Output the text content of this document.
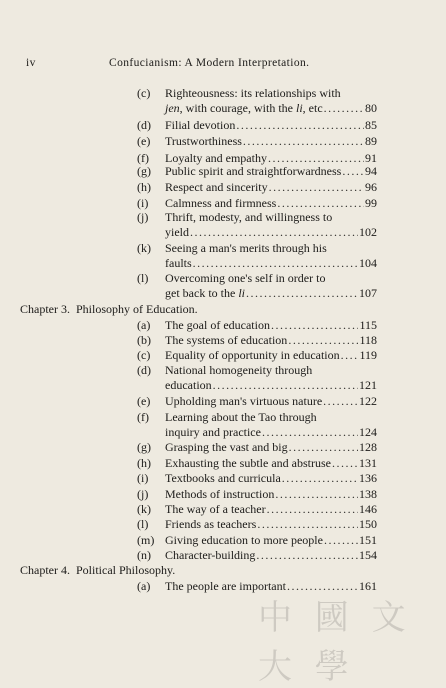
iv	Confucianism: A Modern Interpretation.
(c) Righteousness: its relationships with
jen, with courage, with the li, etc .....	80
(d) Filial devotion .....	85
(e) Trustworthiness .....	89
(f) Loyalty and empathy .....	91
(g) Public spirit and straightforwardness ..... 94
(h) Respect and sincerity .....	96
(i) Calmness and firmness .....	99
(j) Thrift, modesty, and willingness to
yield .....	102
(k) Seeing a man's merits through his
faults .....	104
(l) Overcoming one's self in order to
get back to the li .....	107
Chapter 3. Philosophy of Education.
(a) The goal of education .....	115
(b) The systems of education .....	118
(c) Equality of opportunity in education ..... 119
(d) National homogeneity through
education .....	121
(e) Upholding man's virtuous nature .....	122
(f) Learning about the Tao through
inquiry and practice .....	124
(g) Grasping the vast and big .....	128
(h) Exhausting the subtle and abstruse ..... 131
(i) Textbooks and curricula .....	136
(j) Methods of instruction .....	138
(k) The way of a teacher .....	146
(l) Friends as teachers .....	150
(m) Giving education to more people .....	151
(n) Character-building .....	154
Chapter 4. Political Philosophy.
(a) The people are important .....	161
中 國 文 大 學
